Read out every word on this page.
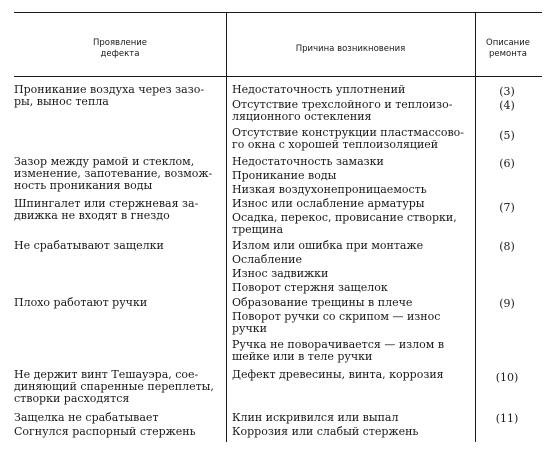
Проявление
дефекта	Причина возникновения
Описание
ремонта
Проникание воздуха через зазо-
ры, вынос тепла
Зазор между рамой и стеклом,
изменение, запотевание, возмож-
ность проникания воды
Шпингалет или стержневая за-
движка не входят в гнездо
Не срабатывают защелки
Плохо работают ручки
Не держит винт Тешауэра, сое-
диняющий спаренные переплеты,
створки расходятся
Защелка не срабатывает
Согнулся распорный стержень
Недостаточность уплотнений
Отсутствие трехслойного и теплоизо-
ляционного остекления
Отсутствие конструкции пластмассово-
го окна с хорошей теплоизоляцией
Недостаточность замазки
Проникание воды
Низкая воздухонепроницаемость
Износ или ослабление арматуры
Осадка, перекос, провисание створки,
трещина
Излом или ошибка при монтаже
Ослабление
Износ задвижки
Поворот стержня защелок
Образование трещины в плече
Поворот ручки со скрипом — износ
ручки
Ручка не поворачивается — излом в
шейке или в теле ручки
Дефект древесины, винта, коррозия
Клин искривился или выпал
Коррозия или слабый стержень
(3)
(4)
(5)
(6)
(7)
(8)
(9)
(10)
(11)
